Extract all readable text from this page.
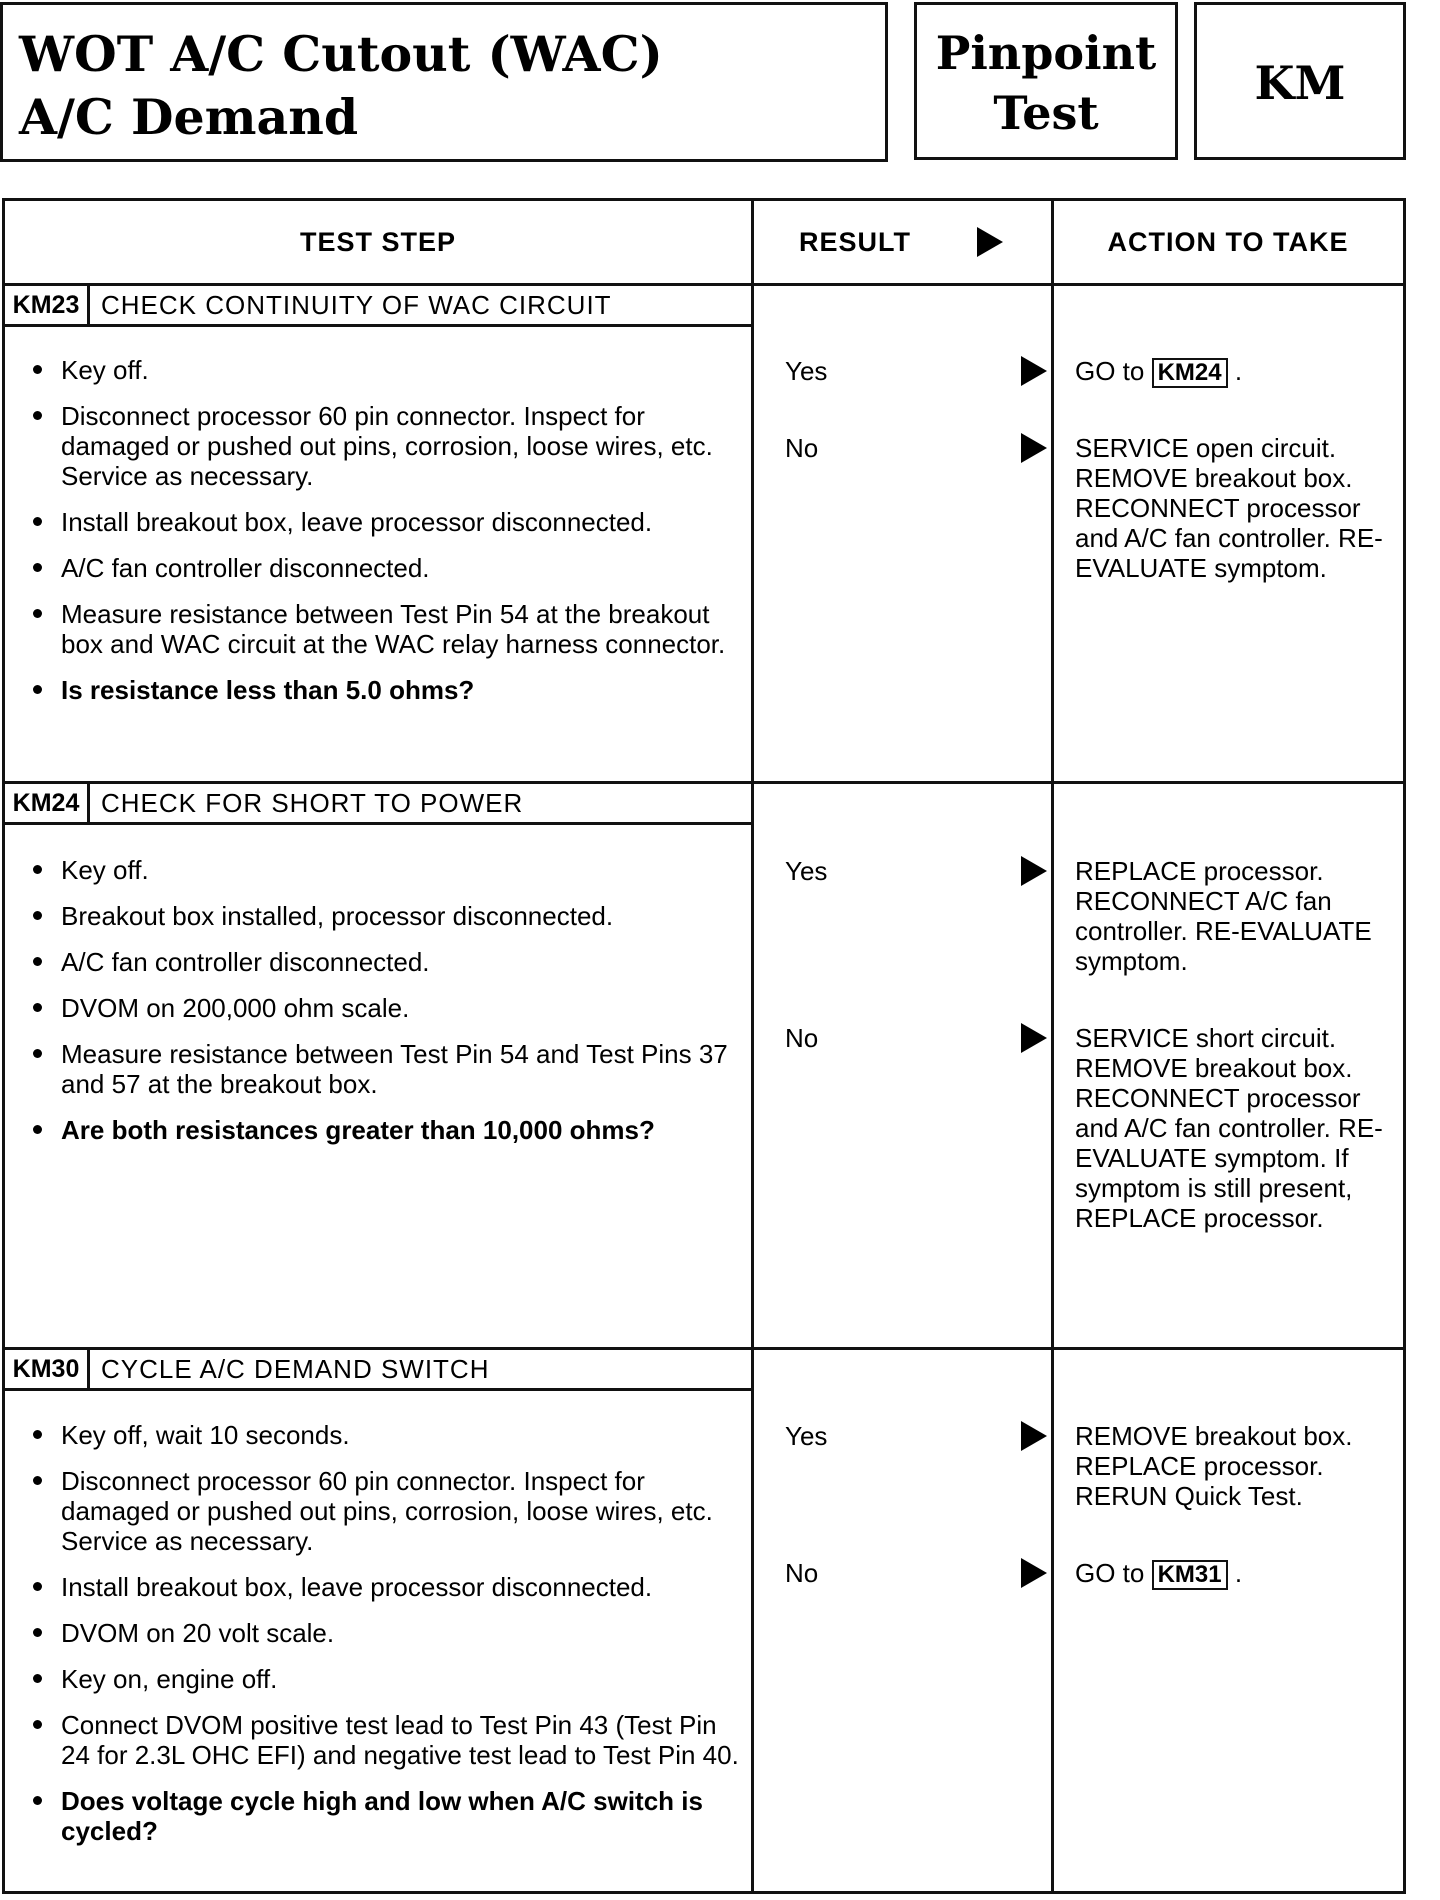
WOT A/C Cutout (WAC)
A/C Demand
Pinpoint
Test
KM
TEST STEP	RESULT	ACTION TO TAKE
KM23 CHECK CONTINUITY OF WAC CIRCUIT
Key off.
Disconnect processor 60 pin connector. Inspect for damaged or pushed out pins, corrosion, loose wires, etc. Service as necessary.
Install breakout box, leave processor disconnected.
A/C fan controller disconnected.
Measure resistance between Test Pin 54 at the breakout box and WAC circuit at the WAC relay harness connector.
Is resistance less than 5.0 ohms?
Yes	GO to KM24 .
No	SERVICE open circuit. REMOVE breakout box. RECONNECT processor and A/C fan controller. RE-EVALUATE symptom.
KM24 CHECK FOR SHORT TO POWER
Key off.
Breakout box installed, processor disconnected.
A/C fan controller disconnected.
DVOM on 200,000 ohm scale.
Measure resistance between Test Pin 54 and Test Pins 37 and 57 at the breakout box.
Are both resistances greater than 10,000 ohms?
Yes	REPLACE processor. RECONNECT A/C fan controller. RE-EVALUATE symptom.
No	SERVICE short circuit. REMOVE breakout box. RECONNECT processor and A/C fan controller. RE-EVALUATE symptom. If symptom is still present, REPLACE processor.
KM30 CYCLE A/C DEMAND SWITCH
Key off, wait 10 seconds.
Disconnect processor 60 pin connector. Inspect for damaged or pushed out pins, corrosion, loose wires, etc. Service as necessary.
Install breakout box, leave processor disconnected.
DVOM on 20 volt scale.
Key on, engine off.
Connect DVOM positive test lead to Test Pin 43 (Test Pin 24 for 2.3L OHC EFI) and negative test lead to Test Pin 40.
Does voltage cycle high and low when A/C switch is cycled?
Yes	REMOVE breakout box. REPLACE processor. RERUN Quick Test.
No	GO to KM31 .
